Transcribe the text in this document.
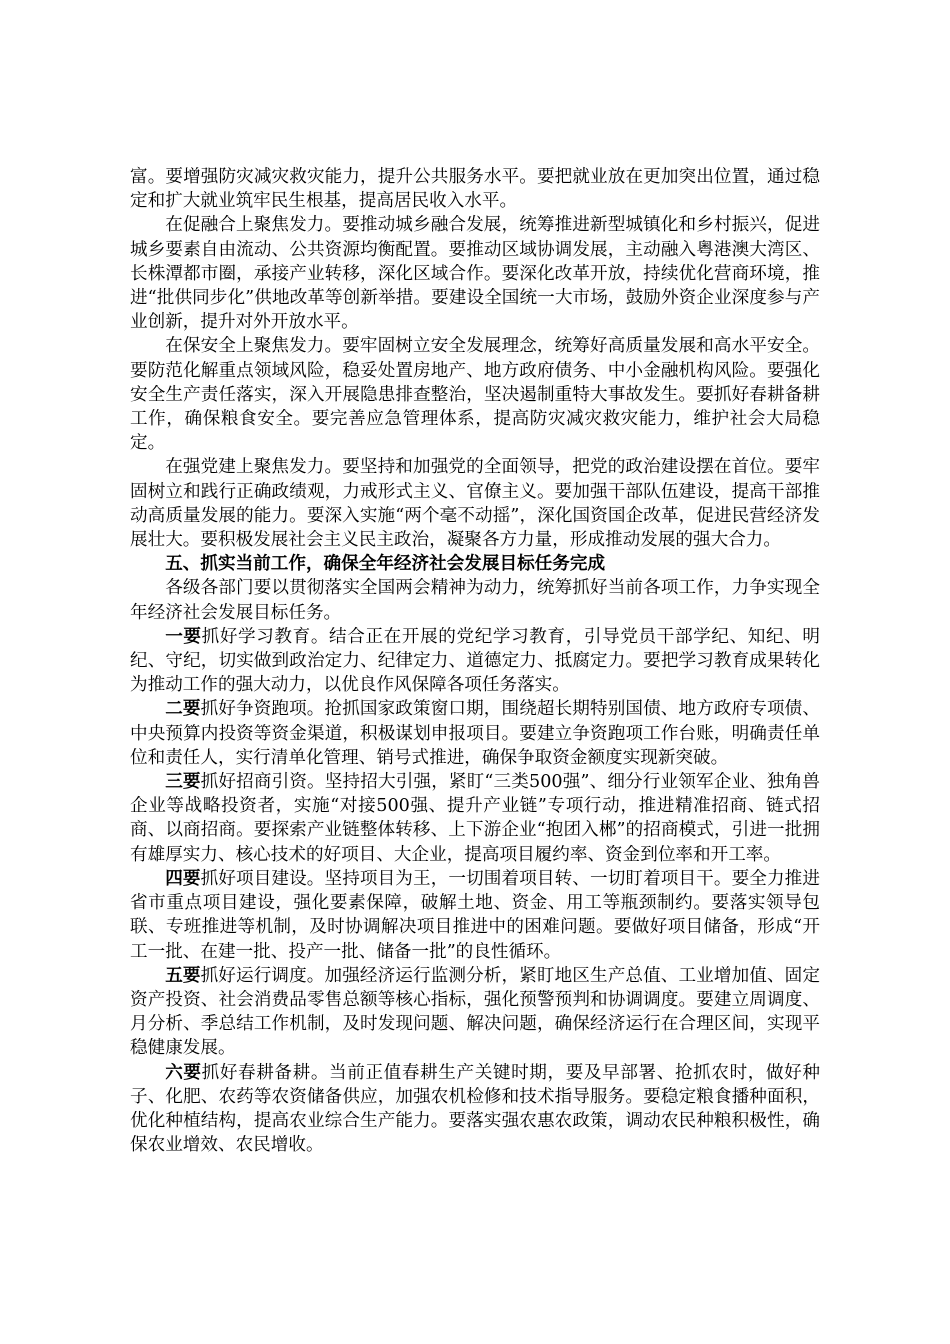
富。要增强防灾减灾救灾能力，提升公共服务水平。要把就业放在更加突出位置，通过稳定和扩大就业筑牢民生根基，提高居民收入水平。

在促融合上聚焦发力。要推动城乡融合发展，统筹推进新型城镇化和乡村振兴，促进城乡要素自由流动、公共资源均衡配置。要推动区域协调发展，主动融入粤港澳大湾区、长株潭都市圈，承接产业转移，深化区域合作。要深化改革开放，持续优化营商环境，推进“批供同步化”供地改革等创新举措。要建设全国统一大市场，鼓励外资企业深度参与产业创新，提升对外开放水平。

在保安全上聚焦发力。要牢固树立安全发展理念，统筹好高质量发展和高水平安全。要防范化解重点领域风险，稳妥处置房地产、地方政府债务、中小金融机构风险。要强化安全生产责任落实，深入开展隐患排查整治，坚决遏制重特大事故发生。要抓好春耕备耕工作，确保粮食安全。要完善应急管理体系，提高防灾减灾救灾能力，维护社会大局稳定。

在强党建上聚焦发力。要坚持和加强党的全面领导，把党的政治建设摆在首位。要牢固树立和践行正确政绩观，力戒形式主义、官僚主义。要加强干部队伍建设，提高干部推动高质量发展的能力。要深入实施“两个毫不动摇”，深化国资国企改革，促进民营经济发展壮大。要积极发展社会主义民主政治，凝聚各方力量，形成推动发展的强大合力。

五、抓实当前工作，确保全年经济社会发展目标任务完成

各级各部门要以贯彻落实全国两会精神为动力，统筹抓好当前各项工作，力争实现全年经济社会发展目标任务。

一要抓好学习教育。结合正在开展的党纪学习教育，引导党员干部学纪、知纪、明纪、守纪，切实做到政治定力、纪律定力、道德定力、抵腐定力。要把学习教育成果转化为推动工作的强大动力，以优良作风保障各项任务落实。

二要抓好争资跑项。抢抓国家政策窗口期，围绕超长期特别国债、地方政府专项债、中央预算内投资等资金渠道，积极谋划申报项目。要建立争资跑项工作台账，明确责任单位和责任人，实行清单化管理、销号式推进，确保争取资金额度实现新突破。

三要抓好招商引资。坚持招大引强，紧盯“三类500强”、细分行业领军企业、独角兽企业等战略投资者，实施“对接500强、提升产业链”专项行动，推进精准招商、链式招商、以商招商。要探索产业链整体转移、上下游企业“抱团入郴”的招商模式，引进一批拥有雄厚实力、核心技术的好项目、大企业，提高项目履约率、资金到位率和开工率。

四要抓好项目建设。坚持项目为王，一切围着项目转、一切盯着项目干。要全力推进省市重点项目建设，强化要素保障，破解土地、资金、用工等瓶颈制约。要落实领导包联、专班推进等机制，及时协调解决项目推进中的困难问题。要做好项目储备，形成“开工一批、在建一批、投产一批、储备一批”的良性循环。

五要抓好运行调度。加强经济运行监测分析，紧盯地区生产总值、工业增加值、固定资产投资、社会消费品零售总额等核心指标，强化预警预判和协调调度。要建立周调度、月分析、季总结工作机制，及时发现问题、解决问题，确保经济运行在合理区间，实现平稳健康发展。

六要抓好春耕备耕。当前正值春耕生产关键时期，要及早部署、抢抓农时，做好种子、化肥、农药等农资储备供应，加强农机检修和技术指导服务。要稳定粮食播种面积，优化种植结构，提高农业综合生产能力。要落实强农惠农政策，调动农民种粮积极性，确保农业增效、农民增收。
